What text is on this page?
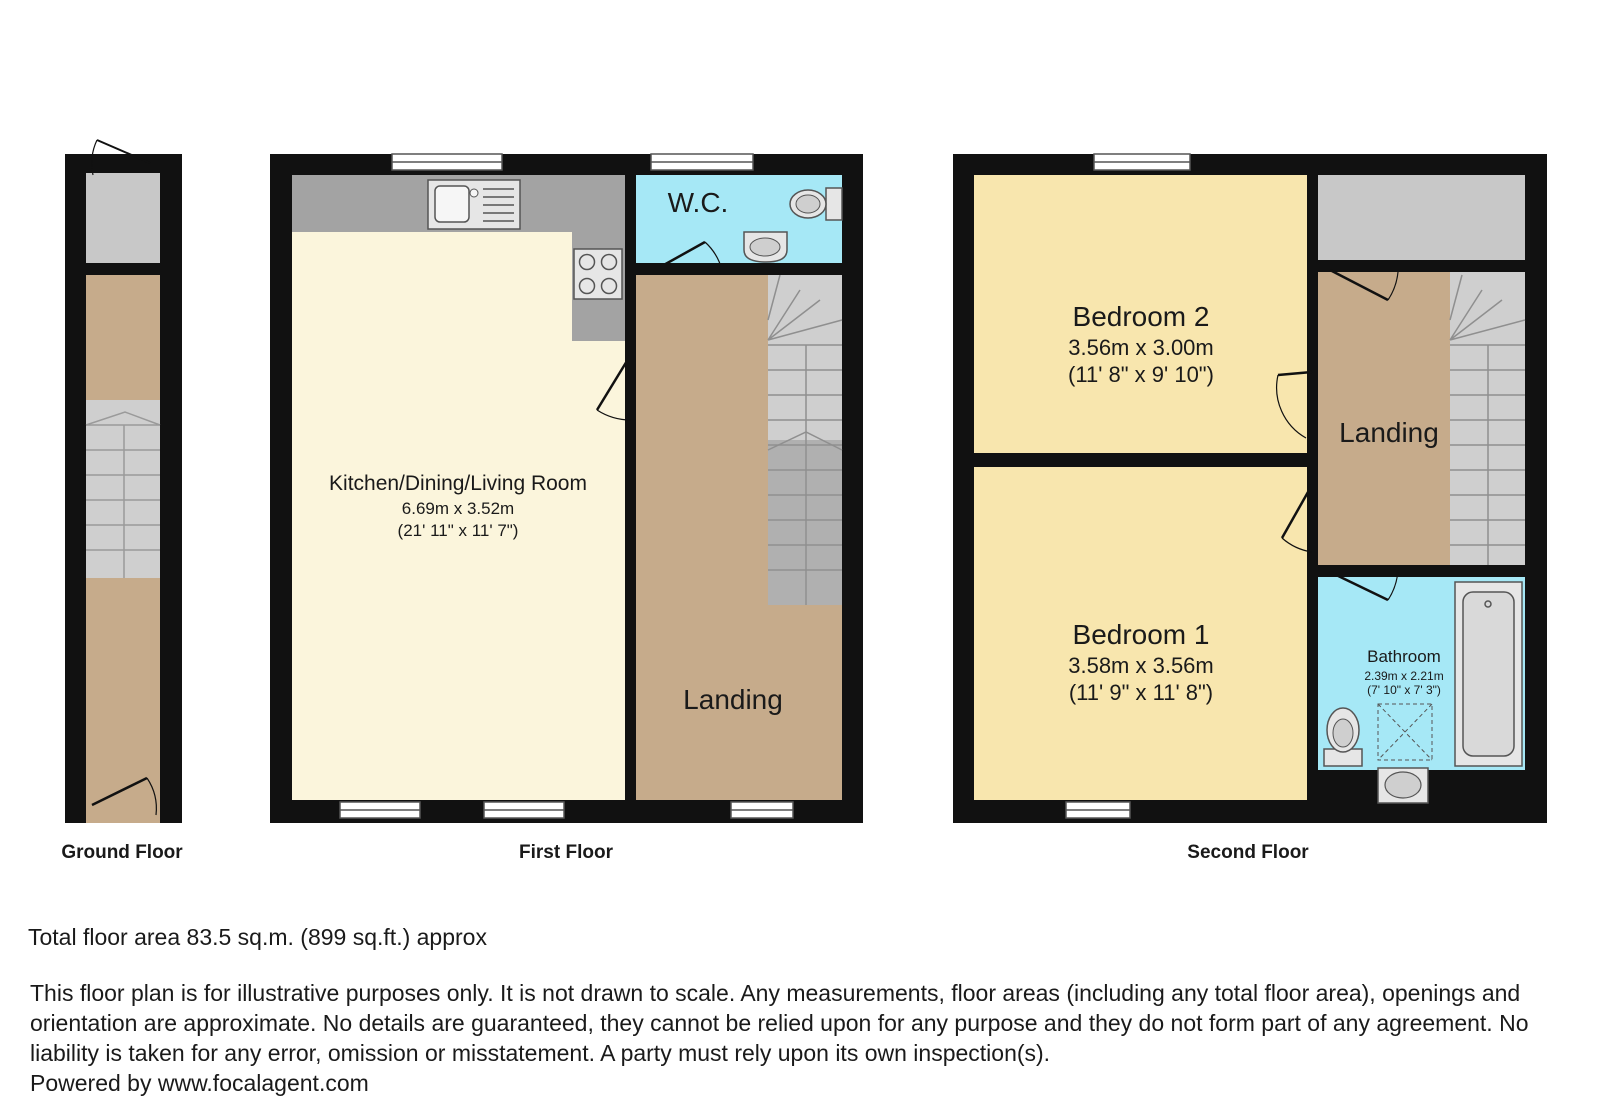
Kitchen/Dining/Living Room
6.69m x 3.52m
(21' 11" x 11' 7")
W.C.
Landing
Bedroom 2
3.56m x 3.00m
(11' 8" x 9' 10")
Bedroom 1
3.58m x 3.56m
(11' 9" x 11' 8")
Landing
Bathroom
2.39m x 2.21m
(7' 10" x 7' 3")
Ground Floor	First Floor	Second Floor

Total floor area 83.5 sq.m. (899 sq.ft.) approx

This floor plan is for illustrative purposes only. It is not drawn to scale. Any measurements, floor areas (including any total floor area), openings and orientation are approximate. No details are guaranteed, they cannot be relied upon for any purpose and they do not form part of any agreement. No liability is taken for any error, omission or misstatement. A party must rely upon its own inspection(s).
Powered by www.focalagent.com
